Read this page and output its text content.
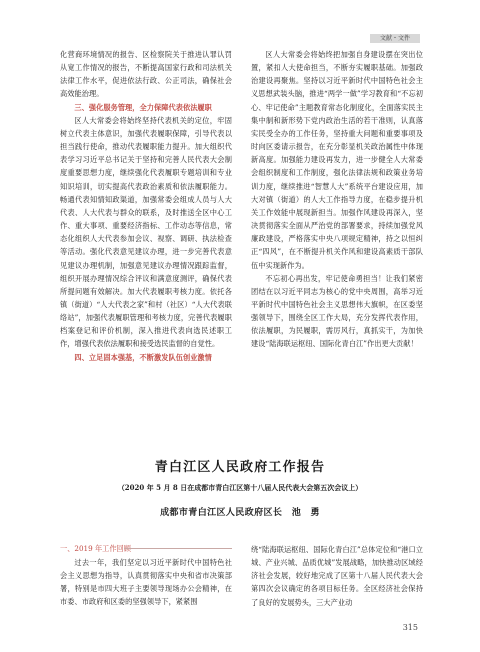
文献・文件

化营商环境情况的报告、区检察院关于推进认罪认罚从宽工作情况的报告，不断提高国家行政和司法机关法律工作水平，促进依法行政、公正司法，确保社会高效能治理。

三、强化服务管理，全力保障代表依法履职

区人大常委会将始终坚持代表机关的定位，牢固树立代表主体意识，加强代表履职保障，引导代表以担当践行使命，推动代表履职能力提升。加大组织代表学习习近平总书记关于坚持和完善人民代表大会制度重要思想力度，继续强化代表履职专题培训和专业知识培训，切实提高代表政治素质和依法履职能力。畅通代表知情知政渠道，加强常委会组成人员与人大代表、人大代表与群众的联系，及时推送全区中心工作、重大事项、重要经济指标、工作动态等信息，常态化组织人大代表参加会议、视察、调研、执法检查等活动。强化代表意见建议办理，进一步完善代表意见建议办理机制，加强意见建议办理情况跟踪监督，组织开展办理情况综合评议和满意度测评，确保代表所提问题有效解决。加大代表履职考核力度。依托各镇（街道）“人大代表之家”和村（社区）“人大代表联络站”，加强代表履职管理和考核力度，完善代表履职档案登记和评价机制，深入推进代表向选民述职工作，增强代表依法履职和接受选民监督的自觉性。

四、立足固本强基，不断激发队伍创业激情

区人大常委会将始终把加强自身建设摆在突出位置，紧扣人大使命担当，不断夯实履职基础。加强政治建设再聚焦。坚持以习近平新时代中国特色社会主义思想武装头脑，推进“两学一做”学习教育和“不忘初心、牢记使命”主题教育常态化制度化，全面落实民主集中制和新形势下党内政治生活的若干准则，认真落实民受全办的工作任务，坚持重大问题和重要事项及时向区委请示报告，在充分彰显机关政治属性中体现新高度。加强能力建设再发力，进一步健全人大常委会组织制度和工作制度，强化法律法规和政策业务培训力度，继续推进“智慧人大”系统平台建设应用，加大对镇（街道）的人大工作指导力度，在稳步提升机关工作效能中展现新担当。加强作风建设再深入，坚决贯彻落实全面从严治党的部署要求，持续加强党风廉政建设，严格落实中央八项规定精神，持之以恒纠正“四风”，在不断提升机关作风和建设高素质干部队伍中实现新作为。

不忘初心再出发，牢记使命勇担当！让我们紧密团结在以习近平同志为核心的党中央周围，高举习近平新时代中国特色社会主义思想伟大旗帜，在区委坚强领导下，围绕全区工作大局，充分发挥代表作用，依法履职，为民履职，需厉风行，真抓实干，为加快建设“陆海联运枢纽、国际化青白江”作出更大贡献！

青白江区人民政府工作报告
（2020 年 5 月 8 日在成都市青白江区第十八届人民代表大会第五次会议上）
成都市青白江区人民政府区长　池　勇
一、2019 年工作回顾

过去一年，我们坚定以习近平新时代中国特色社会主义思想为指导，认真贯彻落实中央和省市决策部署，特别是市四大班子主要领导现场办公会精神，在市委、市政府和区委的坚强领导下，紧紧围

绕“陆海联运枢纽、国际化青白江”总体定位和“港口立城、产业兴城、品质优城”发展战略，加快推动区域经济社会发展，较好地完成了区第十八届人民代表大会第四次会议确定的各项目标任务。全区经济社会保持了良好的发展势头，三大产业动

315
